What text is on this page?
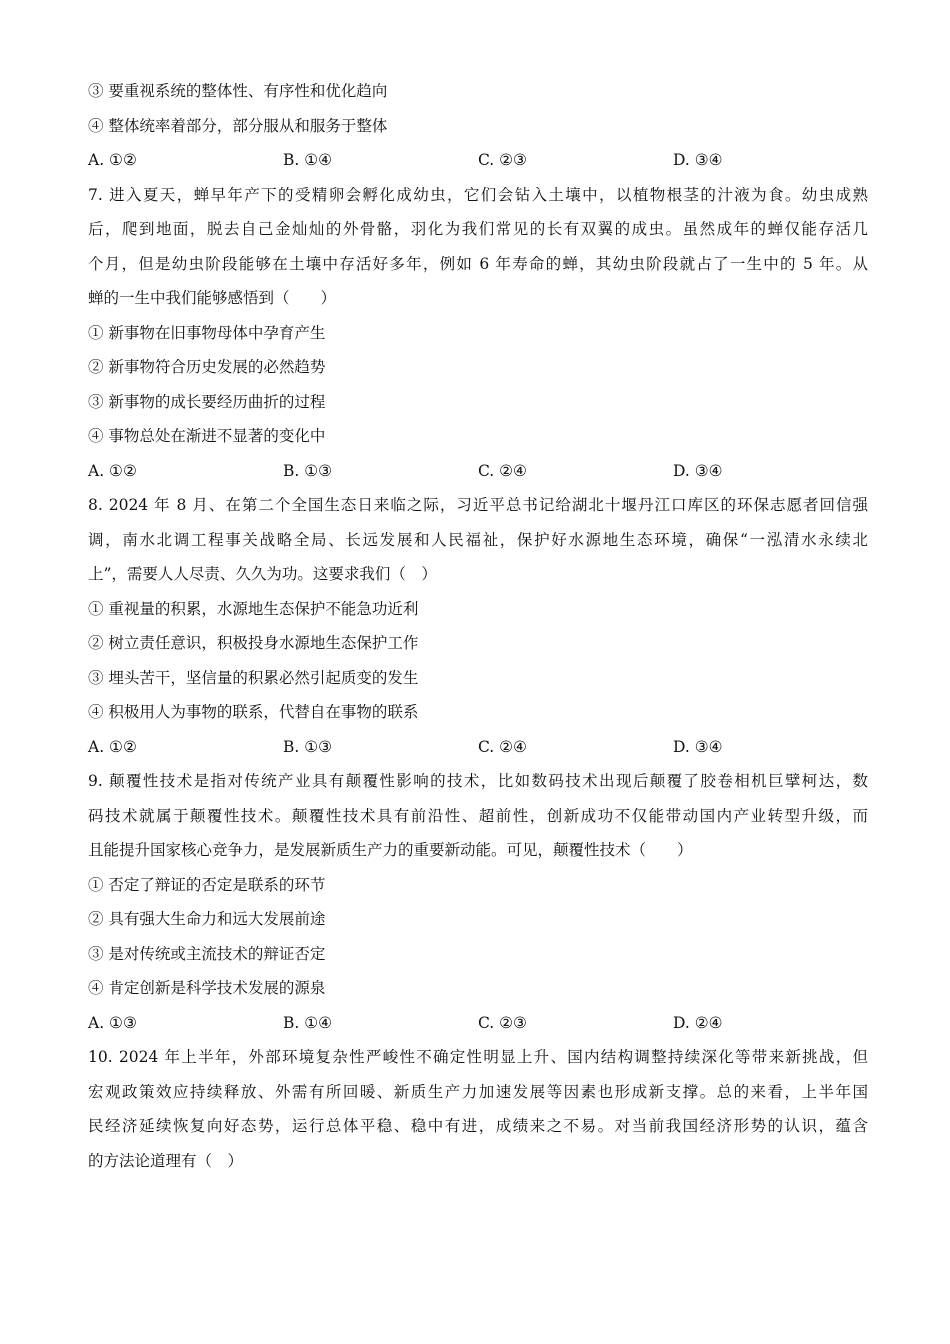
③ 要重视系统的整体性、有序性和优化趋向
④ 整体统率着部分，部分服从和服务于整体
A. ①②	B. ①④	C. ②③	D. ③④
7. 进入夏天，蝉早年产下的受精卵会孵化成幼虫，它们会钻入土壤中，以植物根茎的汁液为食。幼虫成熟
后，爬到地面，脱去自己金灿灿的外骨骼，羽化为我们常见的长有双翼的成虫。虽然成年的蝉仅能存活几
个月，但是幼虫阶段能够在土壤中存活好多年，例如 6 年寿命的蝉，其幼虫阶段就占了一生中的 5 年。从
蝉的一生中我们能够感悟到（　　）
① 新事物在旧事物母体中孕育产生
② 新事物符合历史发展的必然趋势
③ 新事物的成长要经历曲折的过程
④ 事物总处在渐进不显著的变化中
A. ①②	B. ①③	C. ②④	D. ③④
8. 2024 年 8 月、在第二个全国生态日来临之际，习近平总书记给湖北十堰丹江口库区的环保志愿者回信强
调，南水北调工程事关战略全局、长远发展和人民福祉，保护好水源地生态环境，确保“一泓清水永续北
上”，需要人人尽责、久久为功。这要求我们（　）
① 重视量的积累，水源地生态保护不能急功近利
② 树立责任意识，积极投身水源地生态保护工作
③ 埋头苦干，坚信量的积累必然引起质变的发生
④ 积极用人为事物的联系，代替自在事物的联系
A. ①②	B. ①③	C. ②④	D. ③④
9. 颠覆性技术是指对传统产业具有颠覆性影响的技术，比如数码技术出现后颠覆了胶卷相机巨擘柯达，数
码技术就属于颠覆性技术。颠覆性技术具有前沿性、超前性，创新成功不仅能带动国内产业转型升级，而
且能提升国家核心竞争力，是发展新质生产力的重要新动能。可见，颠覆性技术（　　）
① 否定了辩证的否定是联系的环节
② 具有强大生命力和远大发展前途
③ 是对传统或主流技术的辩证否定
④ 肯定创新是科学技术发展的源泉
A. ①③	B. ①④	C. ②③	D. ②④
10. 2024 年上半年，外部环境复杂性严峻性不确定性明显上升、国内结构调整持续深化等带来新挑战，但
宏观政策效应持续释放、外需有所回暖、新质生产力加速发展等因素也形成新支撑。总的来看，上半年国
民经济延续恢复向好态势，运行总体平稳、稳中有进，成绩来之不易。对当前我国经济形势的认识，蕴含
的方法论道理有（　）
